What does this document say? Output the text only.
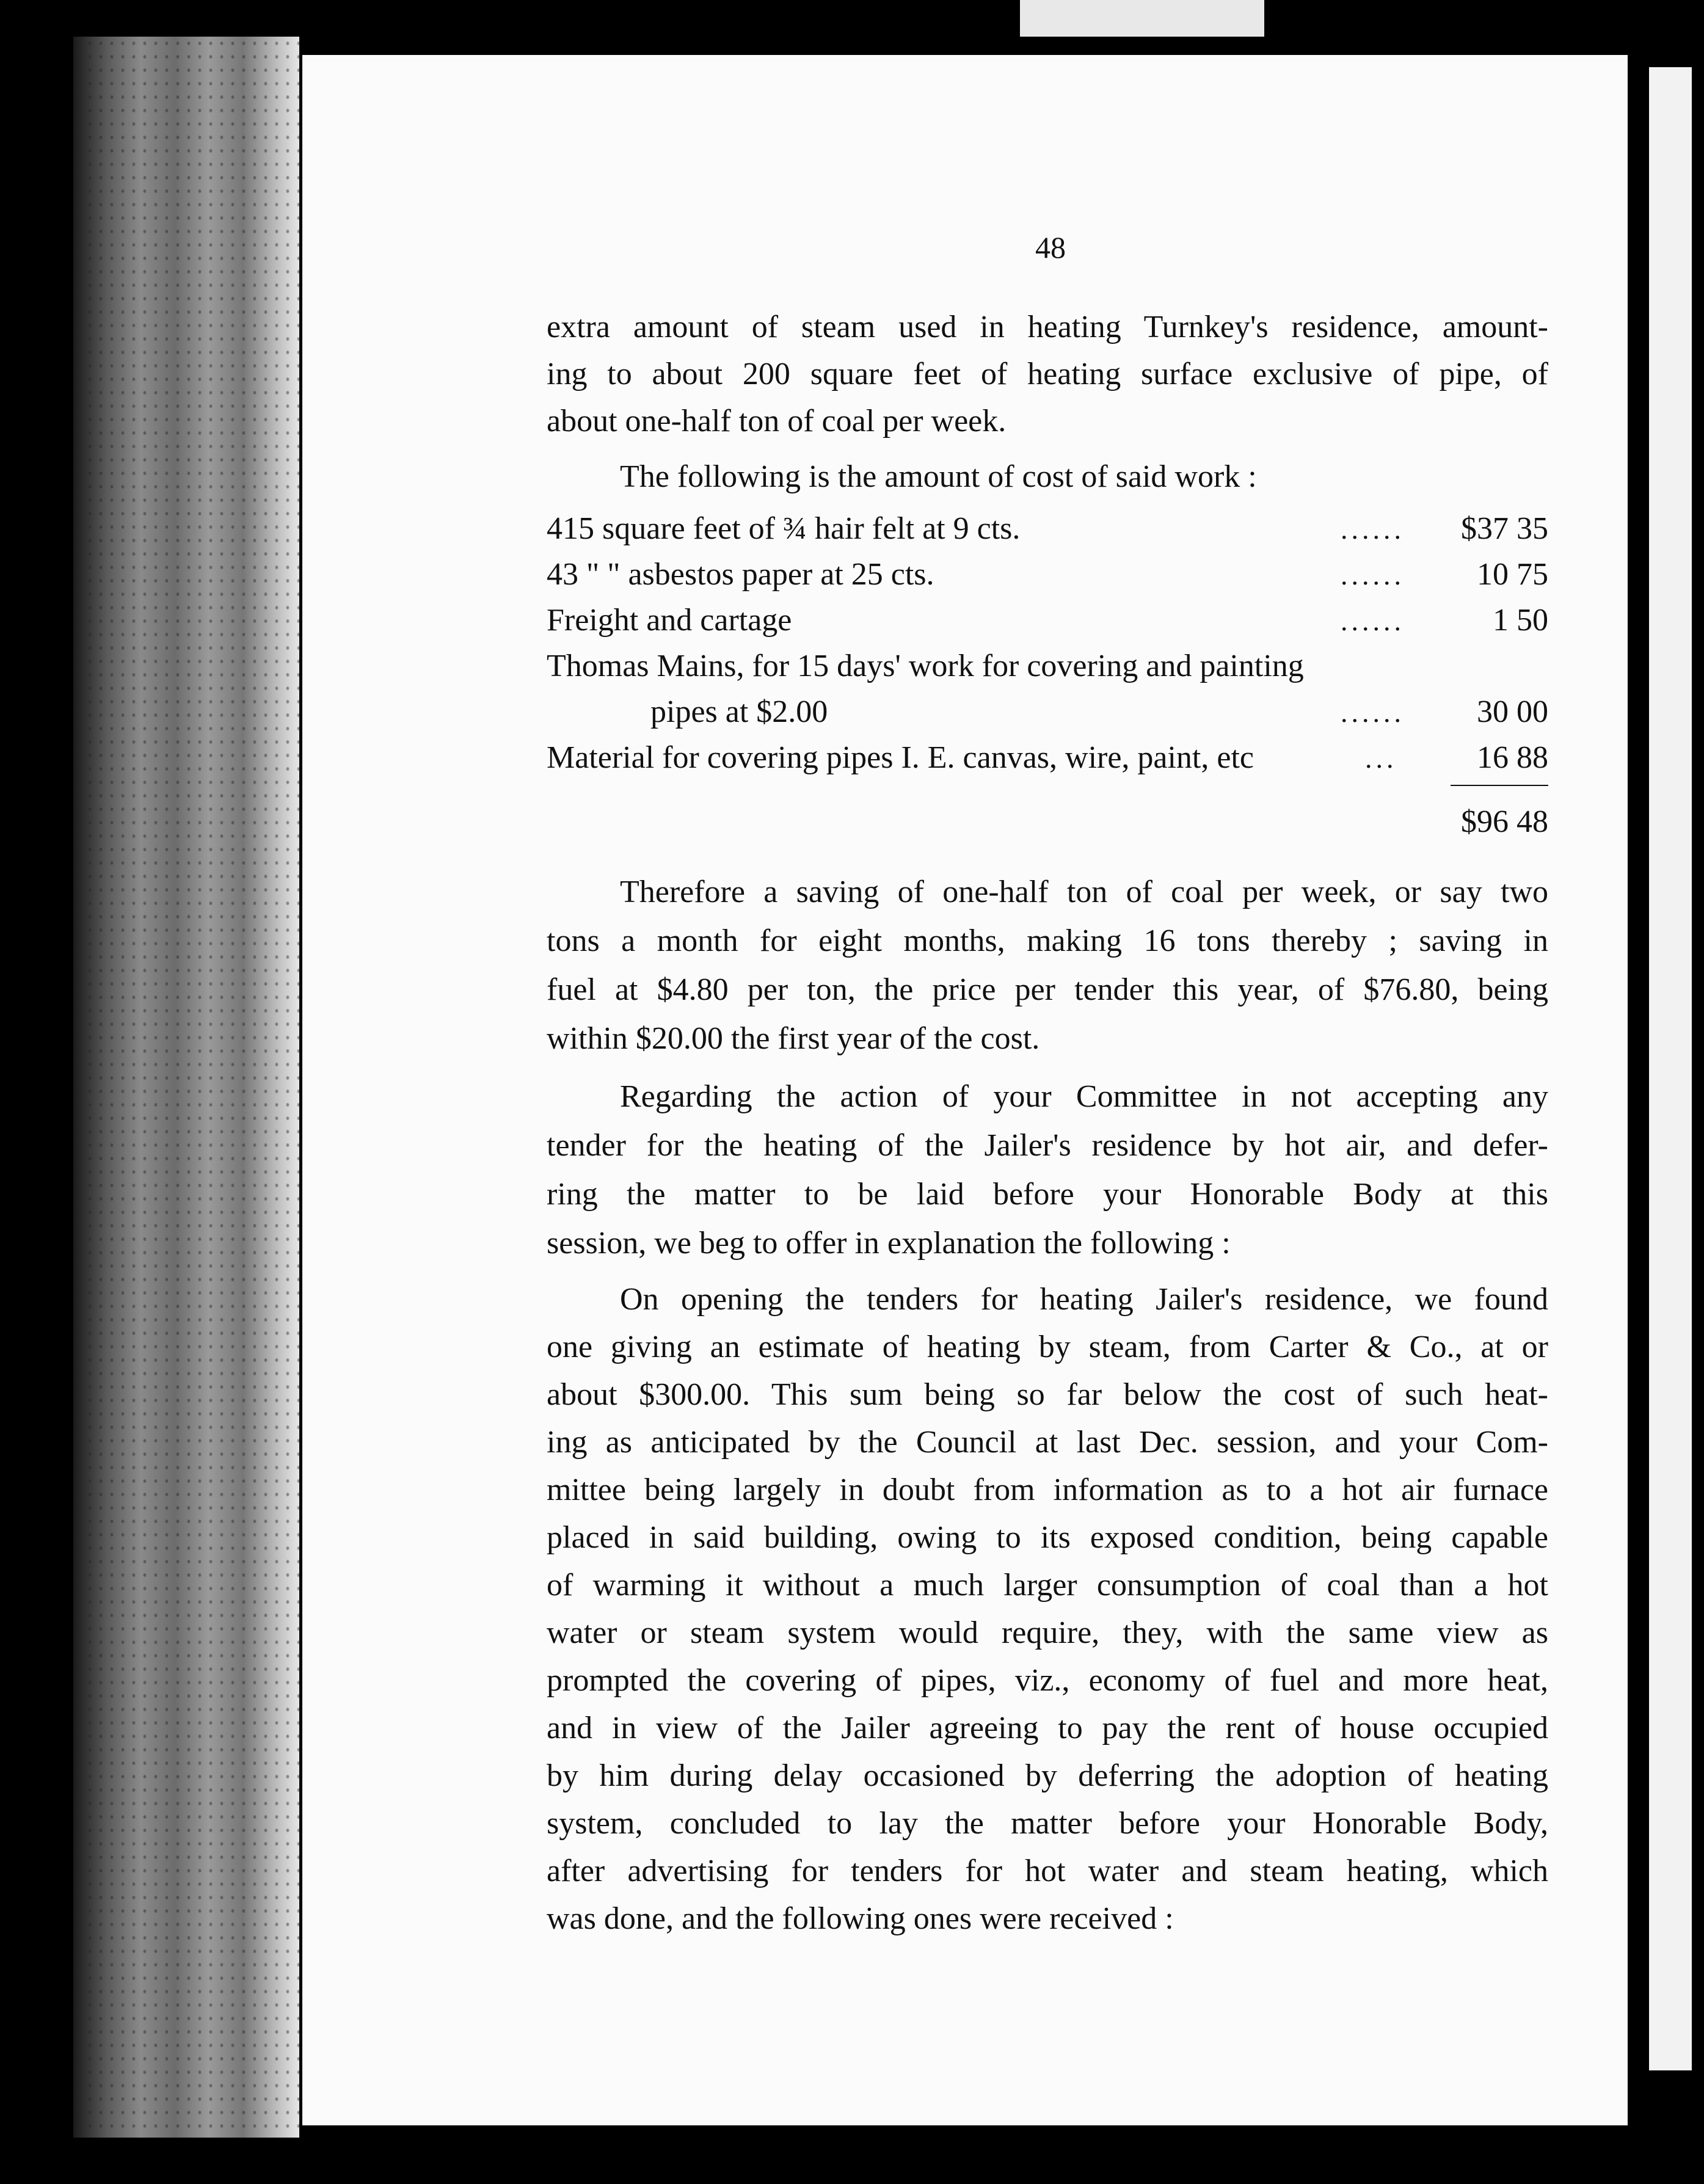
48
extra amount of steam used in heating Turnkey's residence, amount-
ing to about 200 square feet of heating surface exclusive of pipe, of
about one-half ton of coal per week.
The following is the amount of cost of said work :
415 square feet of ¾ hair felt at 9 cts.	......	$37 35
43 " " asbestos paper at 25 cts.	......	10 75
Freight and cartage	......	1 50
Thomas Mains, for 15 days' work for covering and painting
pipes at $2.00	......	30 00
Material for covering pipes I. E. canvas, wire, paint, etc	...	16 88
$96 48
Therefore a saving of one-half ton of coal per week, or say two
tons a month for eight months, making 16 tons thereby ; saving in
fuel at $4.80 per ton, the price per tender this year, of $76.80, being
within $20.00 the first year of the cost.
Regarding the action of your Committee in not accepting any
tender for the heating of the Jailer's residence by hot air, and defer-
ring the matter to be laid before your Honorable Body at this
session, we beg to offer in explanation the following :
On opening the tenders for heating Jailer's residence, we found
one giving an estimate of heating by steam, from Carter & Co., at or
about $300.00. This sum being so far below the cost of such heat-
ing as anticipated by the Council at last Dec. session, and your Com-
mittee being largely in doubt from information as to a hot air furnace
placed in said building, owing to its exposed condition, being capable
of warming it without a much larger consumption of coal than a hot
water or steam system would require, they, with the same view as
prompted the covering of pipes, viz., economy of fuel and more heat,
and in view of the Jailer agreeing to pay the rent of house occupied
by him during delay occasioned by deferring the adoption of heating
system, concluded to lay the matter before your Honorable Body,
after advertising for tenders for hot water and steam heating, which
was done, and the following ones were received :
